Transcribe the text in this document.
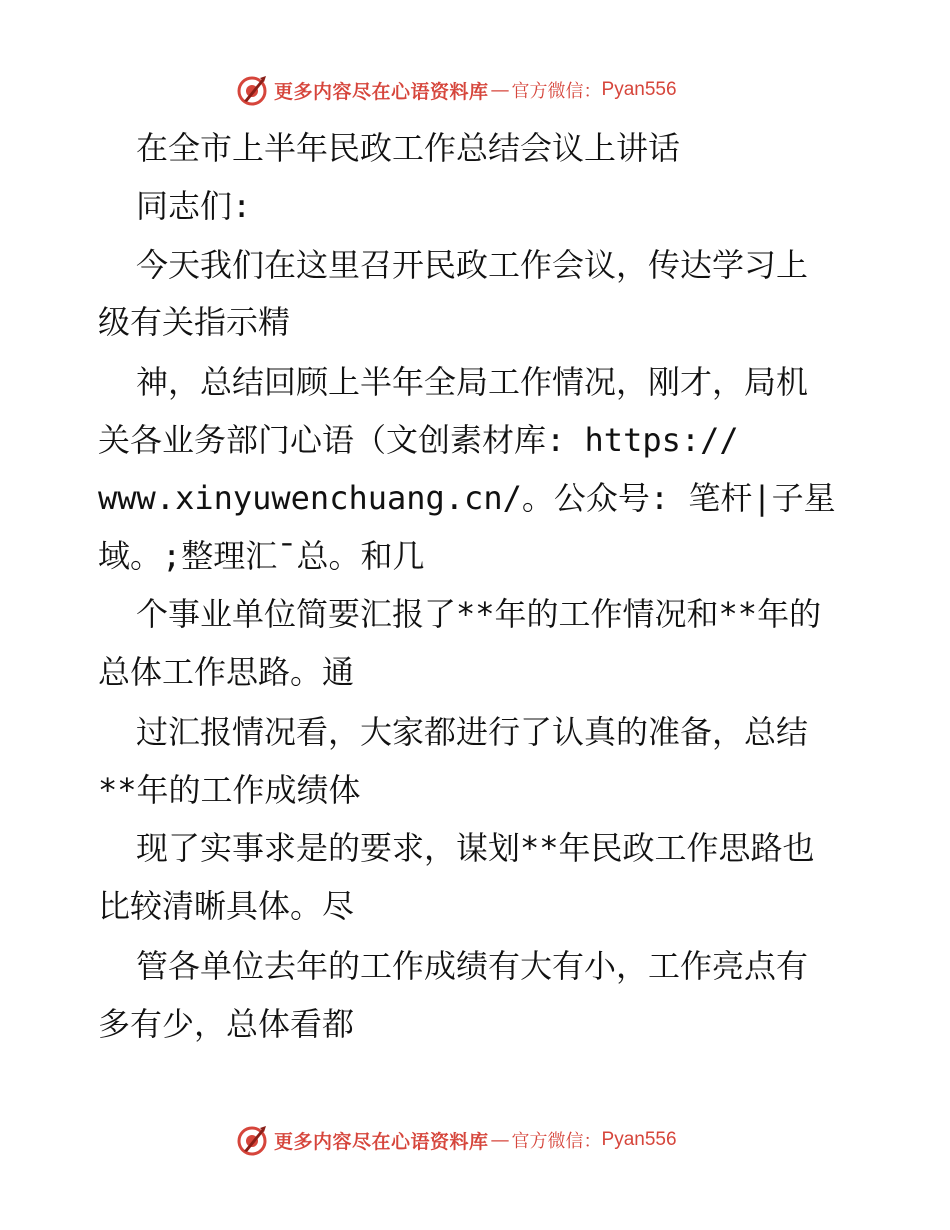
更多内容尽在心语资料库 — 官方微信： Pyan556
在全市上半年民政工作总结会议上讲话
同志们:
今天我们在这里召开民政工作会议，传达学习上
级有关指示精
神，总结回顾上半年全局工作情况，刚才，局机
关各业务部门心语（文创素材库: https://
www.xinyuwenchuang.cn/。公众号: 笔杆|子星
域。;整理汇¯总。和几
个事业单位简要汇报了**年的工作情况和**年的
总体工作思路。通
过汇报情况看，大家都进行了认真的准备，总结
**年的工作成绩体
现了实事求是的要求，谋划**年民政工作思路也
比较清晰具体。尽
管各单位去年的工作成绩有大有小，工作亮点有
多有少，总体看都
更多内容尽在心语资料库 — 官方微信： Pyan556
